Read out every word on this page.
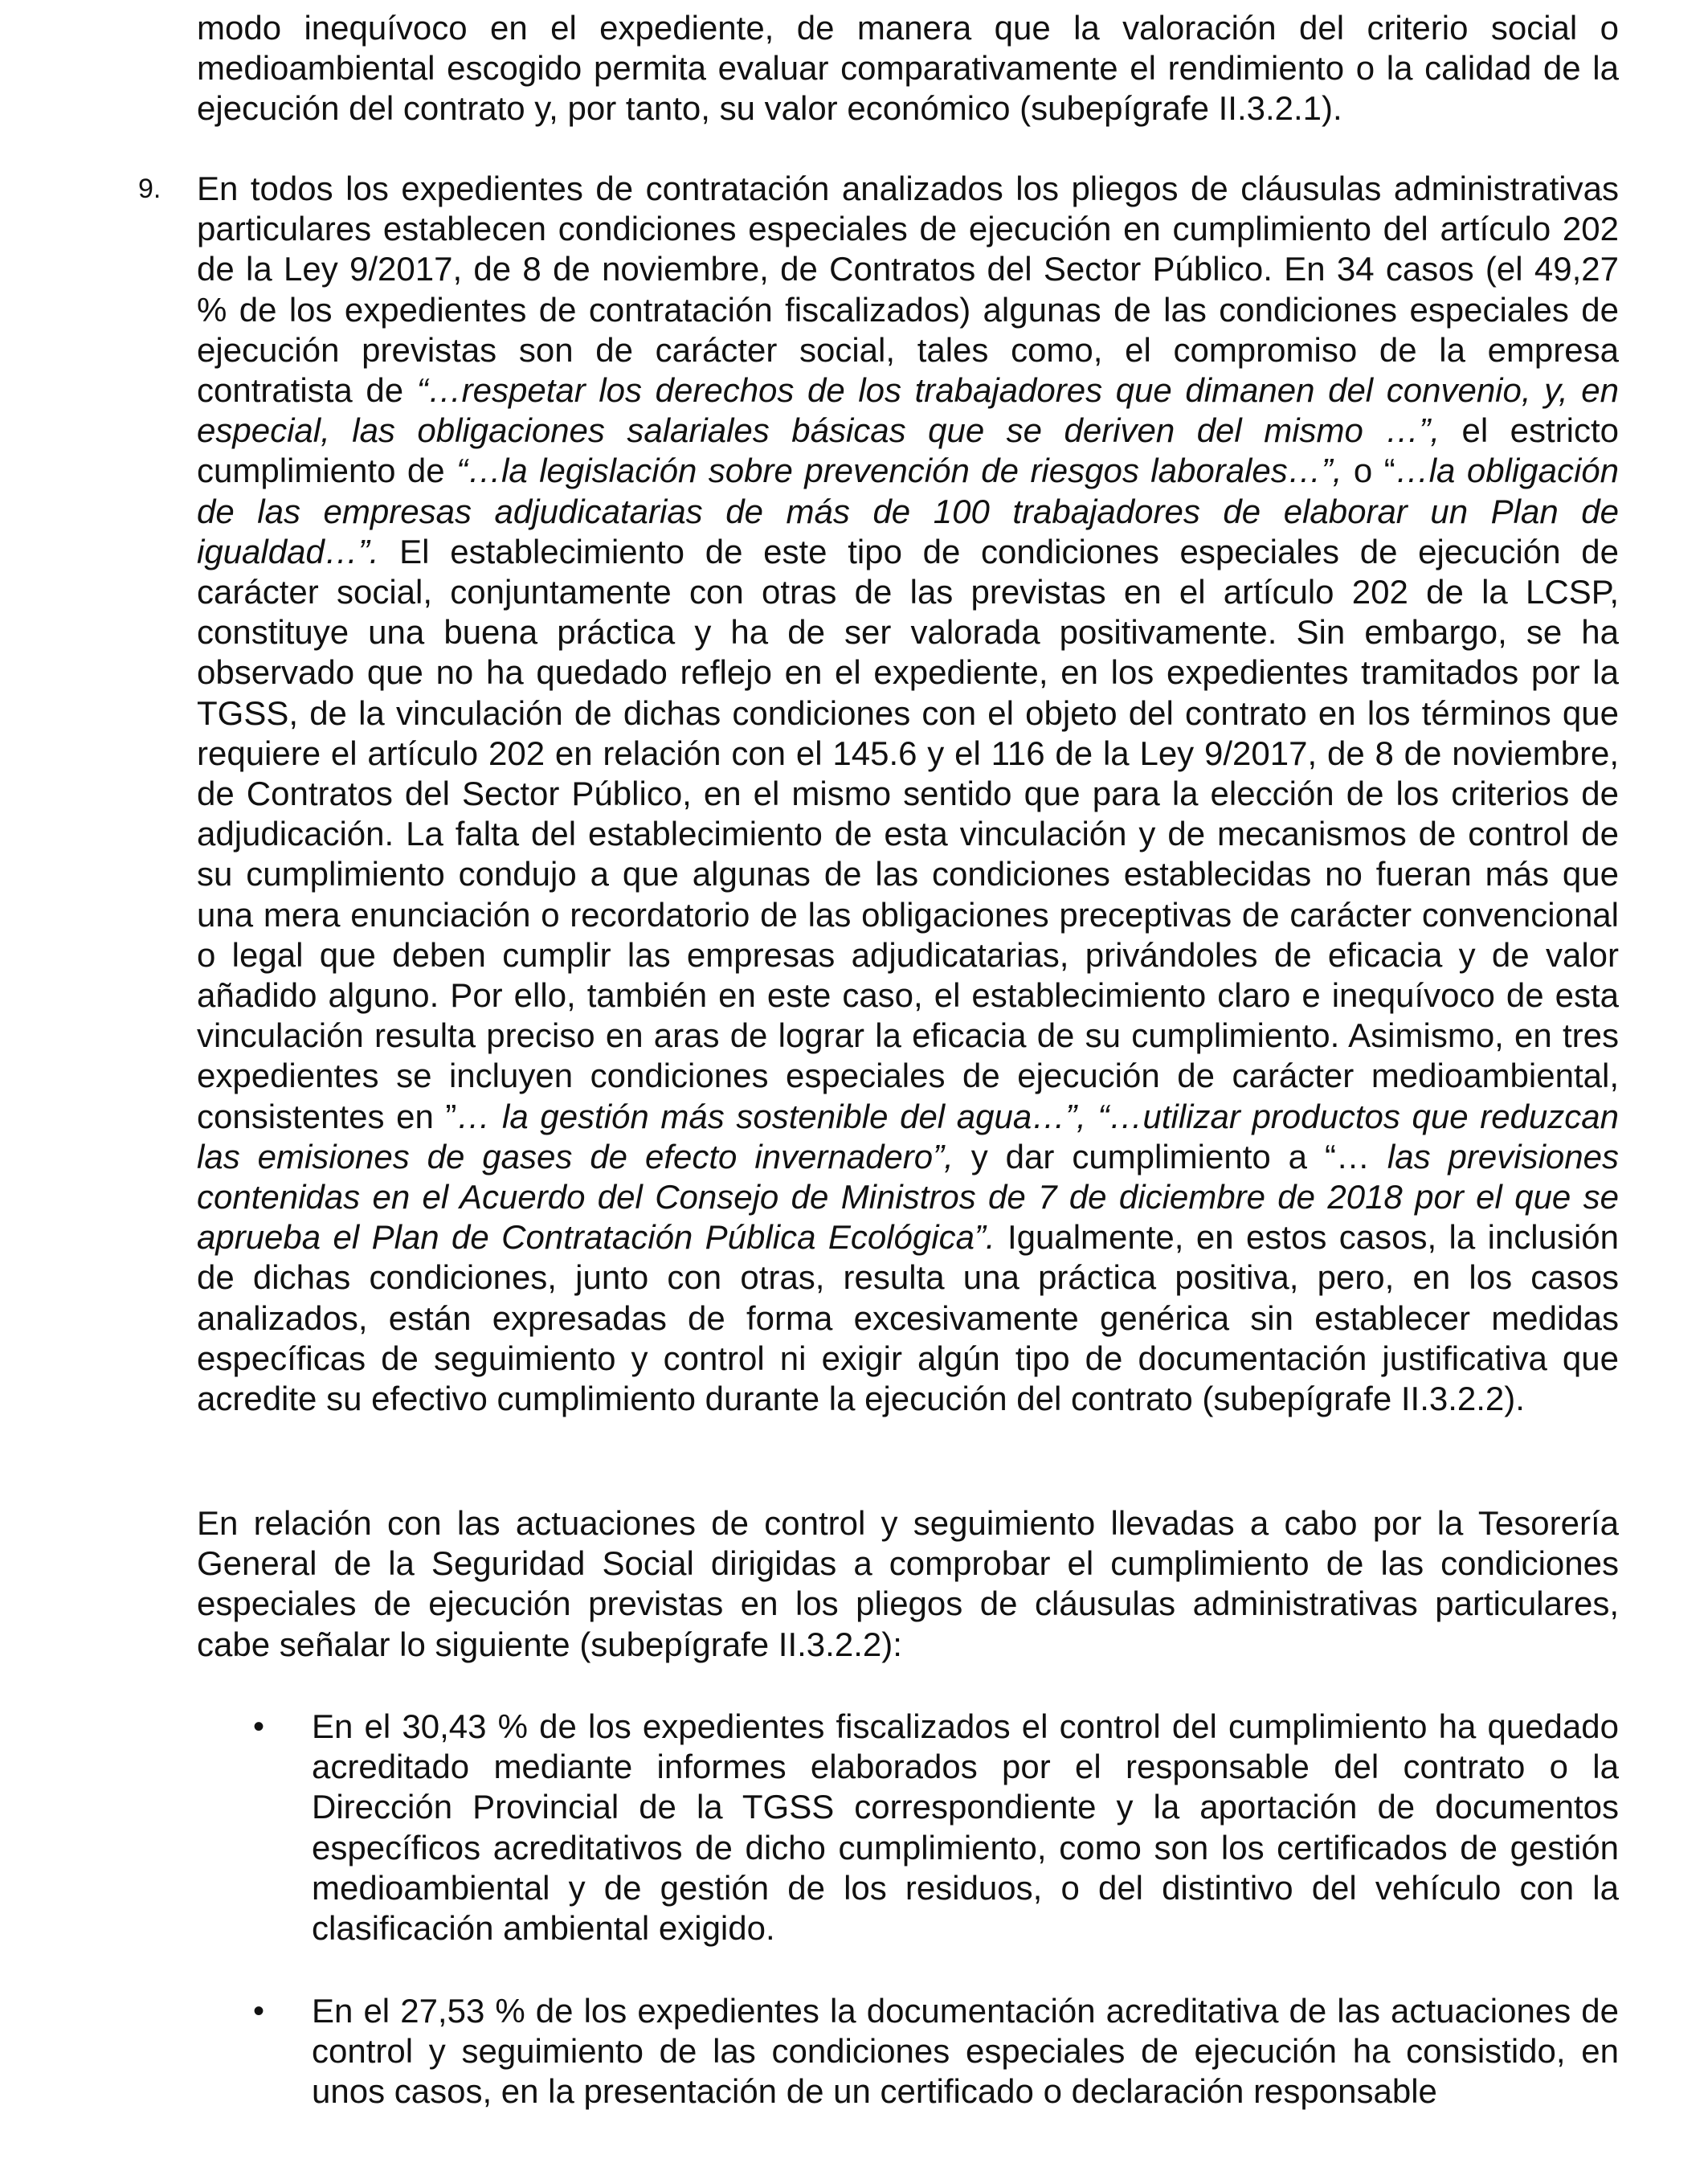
modo inequívoco en el expediente, de manera que la valoración del criterio social o medioambiental escogido permita evaluar comparativamente el rendimiento o la calidad de la ejecución del contrato y, por tanto, su valor económico (subepígrafe II.3.2.1).

9. En todos los expedientes de contratación analizados los pliegos de cláusulas administrativas particulares establecen condiciones especiales de ejecución en cumplimiento del artículo 202 de la Ley 9/2017, de 8 de noviembre, de Contratos del Sector Público. En 34 casos (el 49,27 % de los expedientes de contratación fiscalizados) algunas de las condiciones especiales de ejecución previstas son de carácter social, tales como, el compromiso de la empresa contratista de “…respetar los derechos de los trabajadores que dimanen del convenio, y, en especial, las obligaciones salariales básicas que se deriven del mismo …”, el estricto cumplimiento de “…la legislación sobre prevención de riesgos laborales…”, o “…la obligación de las empresas adjudicatarias de más de 100 trabajadores de elaborar un Plan de igualdad…”. El establecimiento de este tipo de condiciones especiales de ejecución de carácter social, conjuntamente con otras de las previstas en el artículo 202 de la LCSP, constituye una buena práctica y ha de ser valorada positivamente. Sin embargo, se ha observado que no ha quedado reflejo en el expediente, en los expedientes tramitados por la TGSS, de la vinculación de dichas condiciones con el objeto del contrato en los términos que requiere el artículo 202 en relación con el 145.6 y el 116 de la Ley 9/2017, de 8 de noviembre, de Contratos del Sector Público, en el mismo sentido que para la elección de los criterios de adjudicación. La falta del establecimiento de esta vinculación y de mecanismos de control de su cumplimiento condujo a que algunas de las condiciones establecidas no fueran más que una mera enunciación o recordatorio de las obligaciones preceptivas de carácter convencional o legal que deben cumplir las empresas adjudicatarias, privándoles de eficacia y de valor añadido alguno. Por ello, también en este caso, el establecimiento claro e inequívoco de esta vinculación resulta preciso en aras de lograr la eficacia de su cumplimiento. Asimismo, en tres expedientes se incluyen condiciones especiales de ejecución de carácter medioambiental, consistentes en ”… la gestión más sostenible del agua…”, “…utilizar productos que reduzcan las emisiones de gases de efecto invernadero”, y dar cumplimiento a “… las previsiones contenidas en el Acuerdo del Consejo de Ministros de 7 de diciembre de 2018 por el que se aprueba el Plan de Contratación Pública Ecológica”. Igualmente, en estos casos, la inclusión de dichas condiciones, junto con otras, resulta una práctica positiva, pero, en los casos analizados, están expresadas de forma excesivamente genérica sin establecer medidas específicas de seguimiento y control ni exigir algún tipo de documentación justificativa que acredite su efectivo cumplimiento durante la ejecución del contrato (subepígrafe II.3.2.2).

En relación con las actuaciones de control y seguimiento llevadas a cabo por la Tesorería General de la Seguridad Social dirigidas a comprobar el cumplimiento de las condiciones especiales de ejecución previstas en los pliegos de cláusulas administrativas particulares, cabe señalar lo siguiente (subepígrafe II.3.2.2):

• En el 30,43 % de los expedientes fiscalizados el control del cumplimiento ha quedado acreditado mediante informes elaborados por el responsable del contrato o la Dirección Provincial de la TGSS correspondiente y la aportación de documentos específicos acreditativos de dicho cumplimiento, como son los certificados de gestión medioambiental y de gestión de los residuos, o del distintivo del vehículo con la clasificación ambiental exigido.

• En el 27,53 % de los expedientes la documentación acreditativa de las actuaciones de control y seguimiento de las condiciones especiales de ejecución ha consistido, en unos casos, en la presentación de un certificado o declaración responsable
